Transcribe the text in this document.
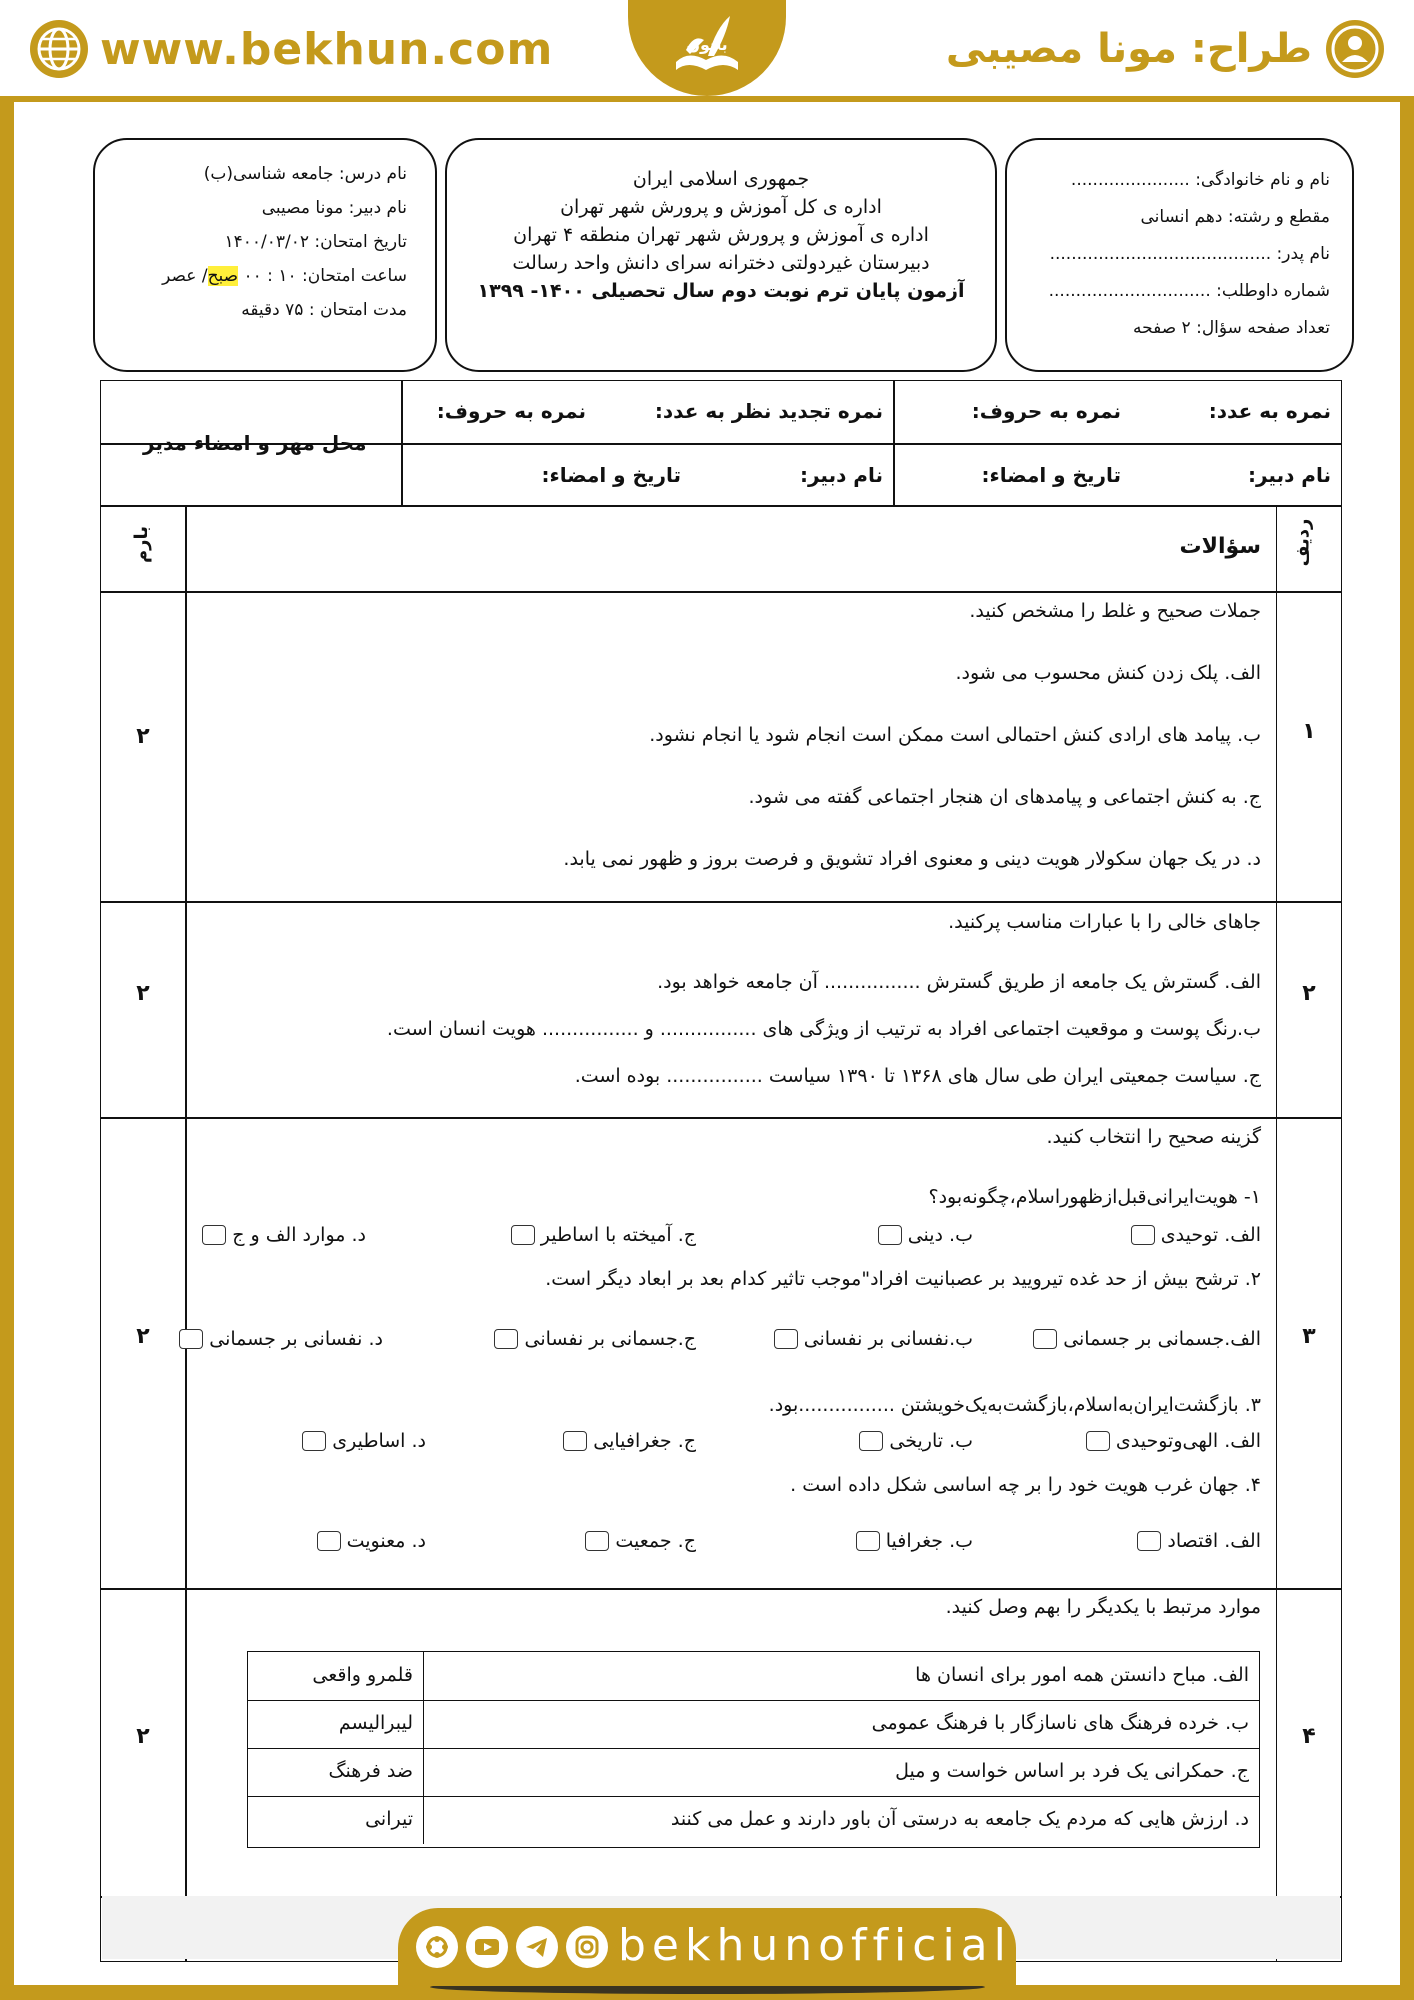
www.bekhun.com	بخون	طراح: مونا مصیبی
نام و نام خانوادگی: ......................
مقطع و رشته: دهم انسانی
نام پدر: .........................................
شماره داوطلب: ..............................
تعداد صفحه سؤال: ۲ صفحه
جمهوری اسلامی ایران
اداره ی کل آموزش و پرورش شهر تهران
اداره ی آموزش و پرورش شهر تهران منطقه ۴ تهران
دبیرستان غیردولتی دخترانه سرای دانش واحد رسالت
آزمون پایان ترم نوبت دوم سال تحصیلی ۱۴۰۰- ۱۳۹۹
نام درس: جامعه شناسی(ب)
نام دبیر: مونا مصیبی
تاریخ امتحان: ۱۴۰۰/۰۳/۰۲
ساعت امتحان: ۱۰ : ۰۰ صبح/ عصر
مدت امتحان : ۷۵ دقیقه
نمره به عدد:
نمره به حروف:
نمره تجدید نظر به عدد:
نمره به حروف:
نام دبیر:
تاریخ و امضاء:
نام دبیر:
تاریخ و امضاء:
محل مهر و امضاء مدیر
ردیف
سؤالات
بارم
۱
۲
جملات صحیح و غلط را مشخص کنید.
الف. پلک زدن کنش محسوب می شود.
ب. پیامد های ارادی کنش احتمالی است ممکن است انجام شود یا انجام نشود.
ج. به کنش اجتماعی و پیامدهای ان هنجار اجتماعی گفته می شود.
د. در یک جهان سکولار هویت دینی و معنوی افراد تشویق و فرصت بروز و ظهور نمی یابد.
۲
۲
جاهای خالی را با عبارات مناسب پرکنید.
الف. گسترش یک جامعه از طریق گسترش ................ آن جامعه خواهد بود.
ب.رنگ پوست و موقعیت اجتماعی افراد به ترتیب از ویژگی های ................ و ................ هویت انسان است.
ج. سیاست جمعیتی ایران طی سال های ۱۳۶۸ تا ۱۳۹۰ سیاست ................ بوده است.
۳
۲
گزینه صحیح را انتخاب کنید.
۱- هویت‌ایرانی‌قبل‌ازظهوراسلام،چگونه‌بود؟
الف. توحیدی
ب. دینی
ج. آمیخته با اساطیر
د. موارد الف و ج
۲. ترشح بیش از حد غده تیرویید بر عصبانیت افراد"موجب تاثیر کدام بعد بر ابعاد دیگر است.
الف.جسمانی بر جسمانی
ب.نفسانی بر نفسانی
ج.جسمانی بر نفسانی
د. نفسانی بر جسمانی
۳. بازگشت‌ایران‌به‌اسلام،بازگشت‌به‌یک‌خویشتن ................بود.
الف. الهی‌وتوحیدی
ب. تاریخی
ج. جغرافیایی
د. اساطیری
۴. جهان غرب هویت خود را بر چه اساسی شکل داده است .
الف. اقتصاد
ب. جغرافیا
ج. جمعیت
د. معنویت
۴
۲
موارد مرتبط با یکدیگر را بهم وصل کنید.
الف. مباح دانستن همه امور برای انسان ها
قلمرو واقعی
ب. خرده فرهنگ های ناسازگار با فرهنگ عمومی
لیبرالیسم
ج. حمکرانی یک فرد بر اساس خواست و میل
ضد فرهنگ
د. ارزش هایی که مردم یک جامعه به درستی آن باور دارند و عمل می کنند
تیرانی
bekhunofficial
